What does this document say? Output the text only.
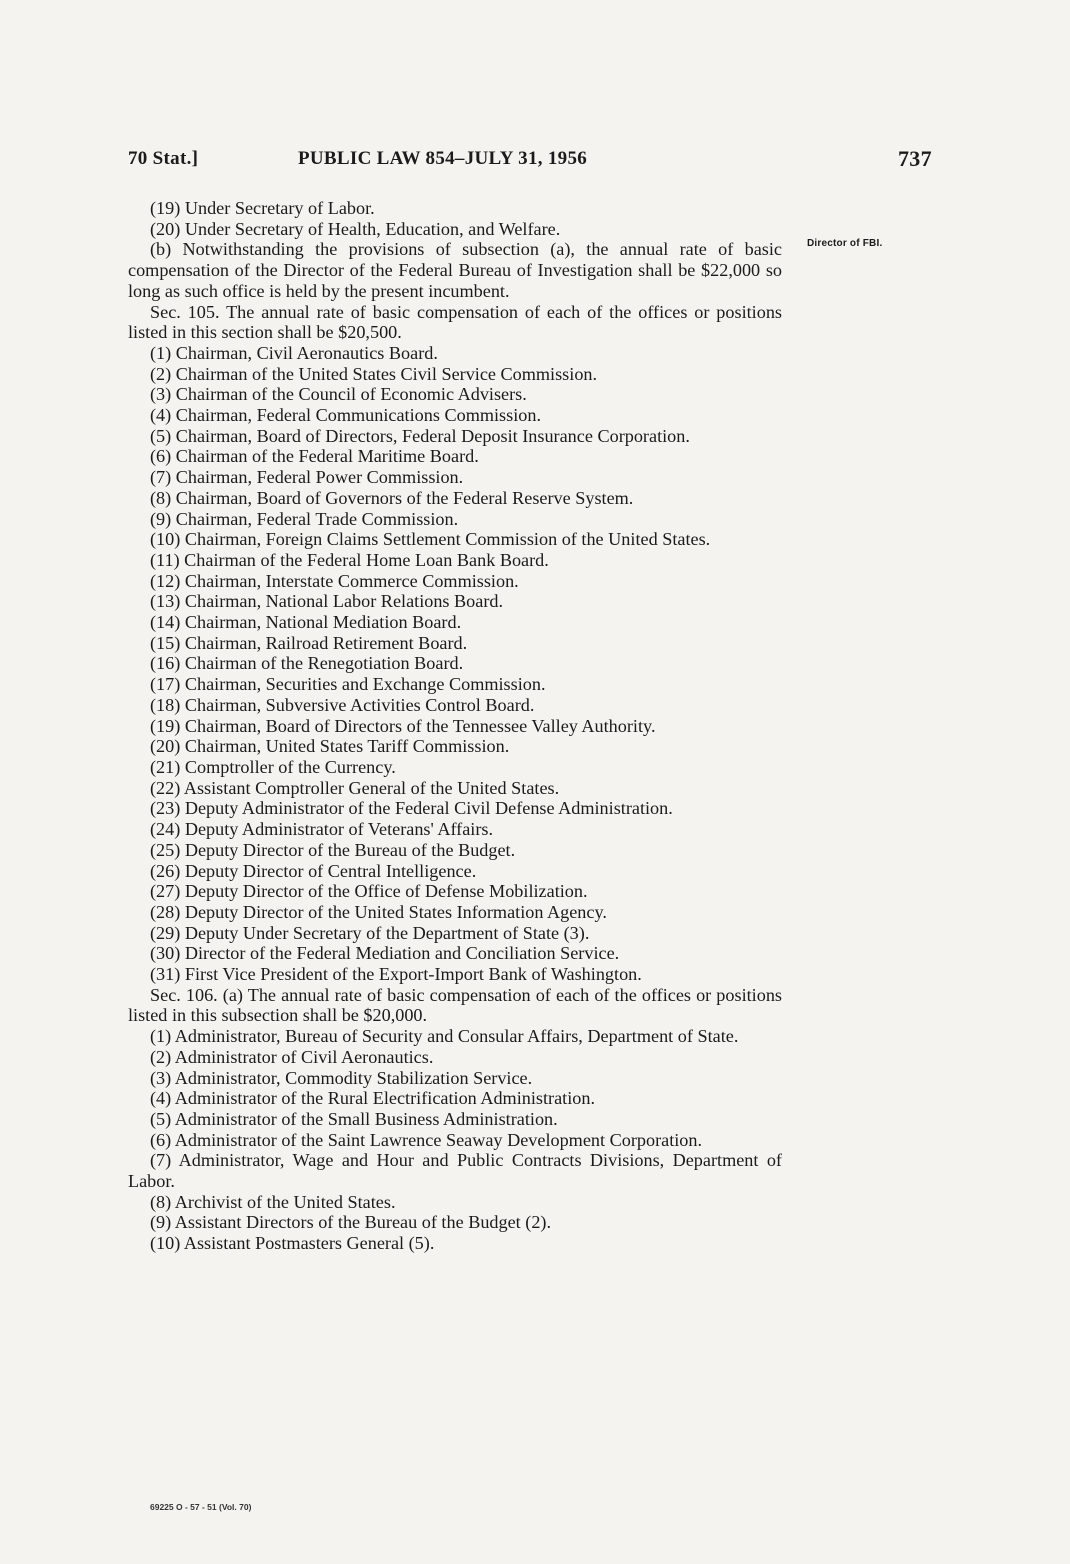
70 Stat.]	PUBLIC LAW 854–JULY 31, 1956	737
Director of FBI.

(19) Under Secretary of Labor.

(20) Under Secretary of Health, Education, and Welfare.

(b) Notwithstanding the provisions of subsection (a), the annual rate of basic compensation of the Director of the Federal Bureau of Investigation shall be $22,000 so long as such office is held by the present incumbent.

Sec. 105. The annual rate of basic compensation of each of the offices or positions listed in this section shall be $20,500.

(1) Chairman, Civil Aeronautics Board.

(2) Chairman of the United States Civil Service Commission.

(3) Chairman of the Council of Economic Advisers.

(4) Chairman, Federal Communications Commission.

(5) Chairman, Board of Directors, Federal Deposit Insurance Corporation.

(6) Chairman of the Federal Maritime Board.

(7) Chairman, Federal Power Commission.

(8) Chairman, Board of Governors of the Federal Reserve System.

(9) Chairman, Federal Trade Commission.

(10) Chairman, Foreign Claims Settlement Commission of the United States.

(11) Chairman of the Federal Home Loan Bank Board.

(12) Chairman, Interstate Commerce Commission.

(13) Chairman, National Labor Relations Board.

(14) Chairman, National Mediation Board.

(15) Chairman, Railroad Retirement Board.

(16) Chairman of the Renegotiation Board.

(17) Chairman, Securities and Exchange Commission.

(18) Chairman, Subversive Activities Control Board.

(19) Chairman, Board of Directors of the Tennessee Valley Authority.

(20) Chairman, United States Tariff Commission.

(21) Comptroller of the Currency.

(22) Assistant Comptroller General of the United States.

(23) Deputy Administrator of the Federal Civil Defense Administration.

(24) Deputy Administrator of Veterans' Affairs.

(25) Deputy Director of the Bureau of the Budget.

(26) Deputy Director of Central Intelligence.

(27) Deputy Director of the Office of Defense Mobilization.

(28) Deputy Director of the United States Information Agency.

(29) Deputy Under Secretary of the Department of State (3).

(30) Director of the Federal Mediation and Conciliation Service.

(31) First Vice President of the Export-Import Bank of Washington.

Sec. 106. (a) The annual rate of basic compensation of each of the offices or positions listed in this subsection shall be $20,000.

(1) Administrator, Bureau of Security and Consular Affairs, Department of State.

(2) Administrator of Civil Aeronautics.

(3) Administrator, Commodity Stabilization Service.

(4) Administrator of the Rural Electrification Administration.

(5) Administrator of the Small Business Administration.

(6) Administrator of the Saint Lawrence Seaway Development Corporation.

(7) Administrator, Wage and Hour and Public Contracts Divisions, Department of Labor.

(8) Archivist of the United States.

(9) Assistant Directors of the Bureau of the Budget (2).

(10) Assistant Postmasters General (5).

69225 O - 57 - 51 (Vol. 70)
